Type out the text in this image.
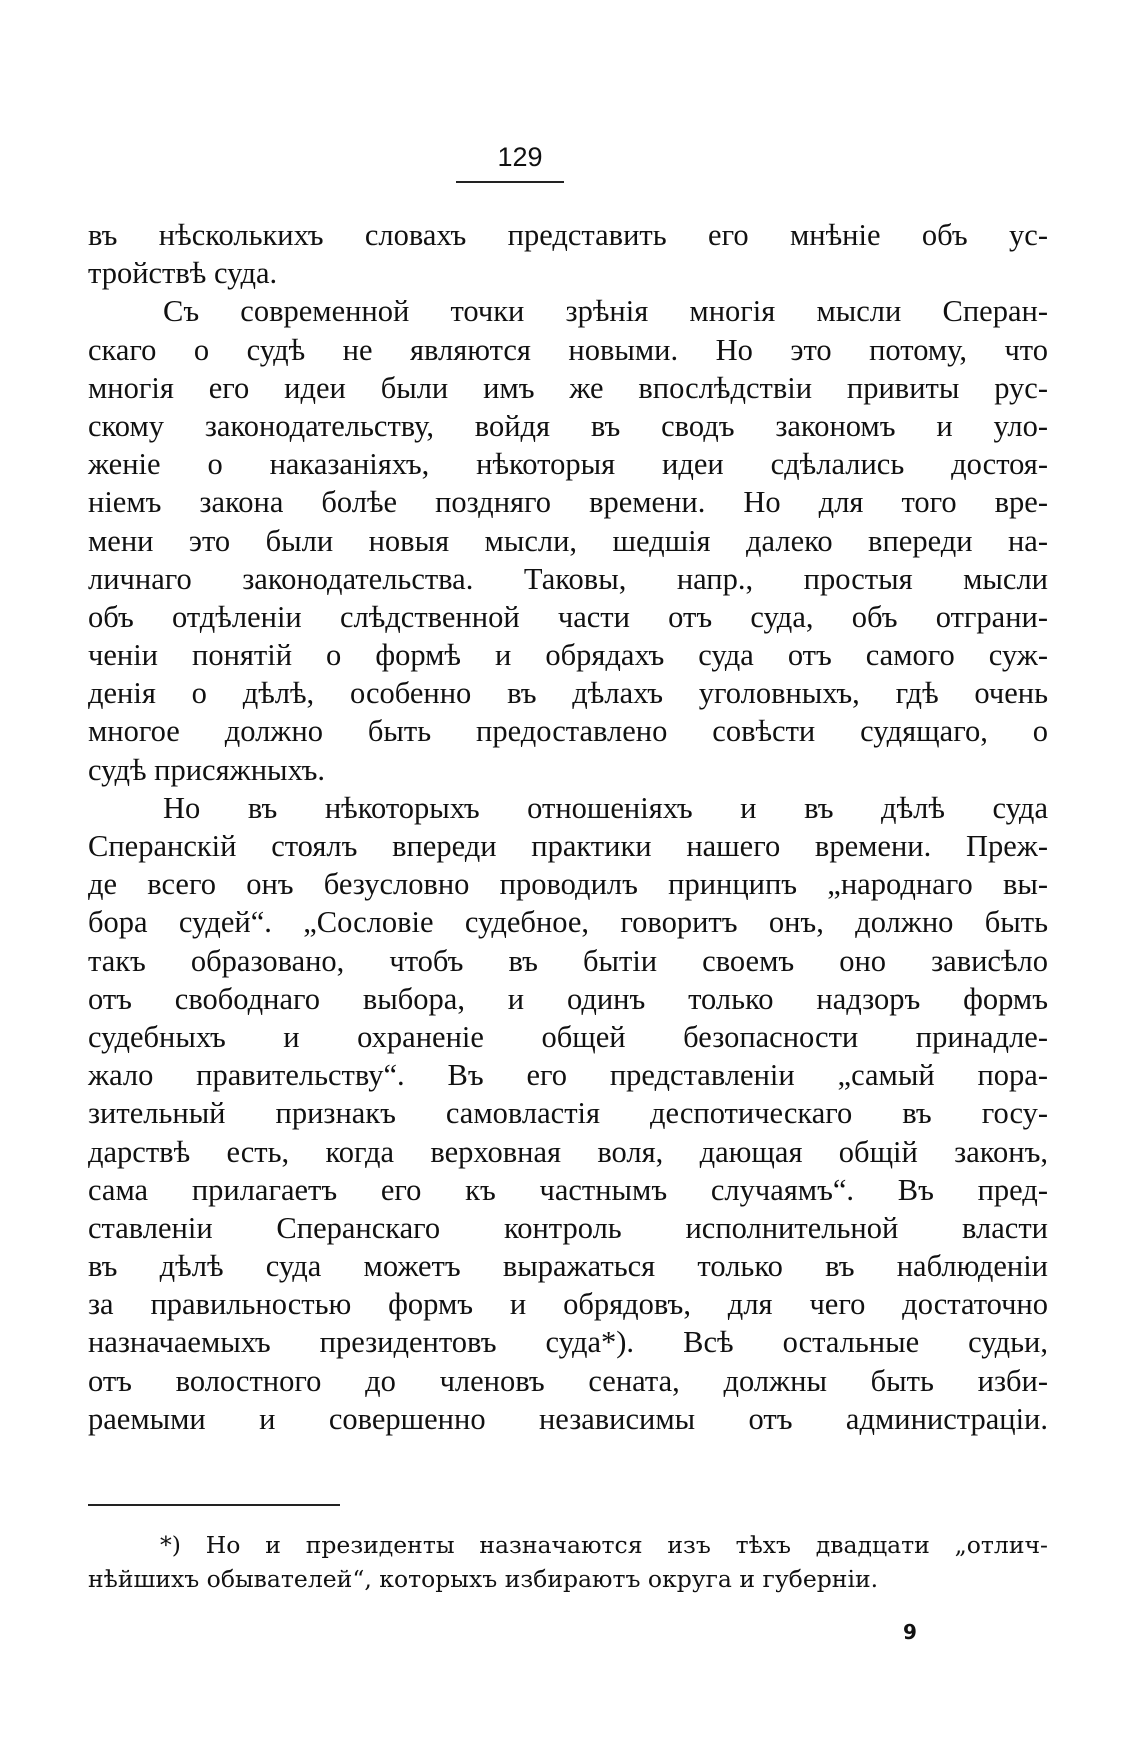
129
въ нѣсколькихъ словахъ представить его мнѣніе объ ус-
тройствѣ суда.
Съ современной точки зрѣнія многія мысли Сперан-
скаго о судѣ не являются новыми. Но это потому, что
многія его идеи были имъ же впослѣдствіи привиты рус-
скому законодательству, войдя въ сводъ закономъ и уло-
женіе о наказаніяхъ, нѣкоторыя идеи сдѣлались достоя-
ніемъ закона болѣе поздняго времени. Но для того вре-
мени это были новыя мысли, шедшія далеко впереди на-
личнаго законодательства. Таковы, напр., простыя мысли
объ отдѣленіи слѣдственной части отъ суда, объ отграни-
ченіи понятій о формѣ и обрядахъ суда отъ самого суж-
денія о дѣлѣ, особенно въ дѣлахъ уголовныхъ, гдѣ очень
многое должно быть предоставлено совѣсти судящаго, о
судѣ присяжныхъ.
Но въ нѣкоторыхъ отношеніяхъ и въ дѣлѣ суда
Сперанскій стоялъ впереди практики нашего времени. Преж-
де всего онъ безусловно проводилъ принципъ „народнаго вы-
бора судей“. „Сословіе судебное, говоритъ онъ, должно быть
такъ образовано, чтобъ въ бытіи своемъ оно зависѣло
отъ свободнаго выбора, и одинъ только надзоръ формъ
судебныхъ и охраненіе общей безопасности принадле-
жало правительству“. Въ его представленіи „самый пора-
зительный признакъ самовластія деспотическаго въ госу-
дарствѣ есть, когда верховная воля, дающая общій законъ,
сама прилагаетъ его къ частнымъ случаямъ“. Въ пред-
ставленіи Сперанскаго контроль исполнительной власти
въ дѣлѣ суда можетъ выражаться только въ наблюденіи
за правильностью формъ и обрядовъ, для чего достаточно
назначаемыхъ президентовъ суда*). Всѣ остальные судьи,
отъ волостного до членовъ сената, должны быть изби-
раемыми и совершенно независимы отъ администраціи.
*) Но и президенты назначаются изъ тѣхъ двадцати „отлич-
нѣйшихъ обывателей“, которыхъ избираютъ округа и губерніи.
9
